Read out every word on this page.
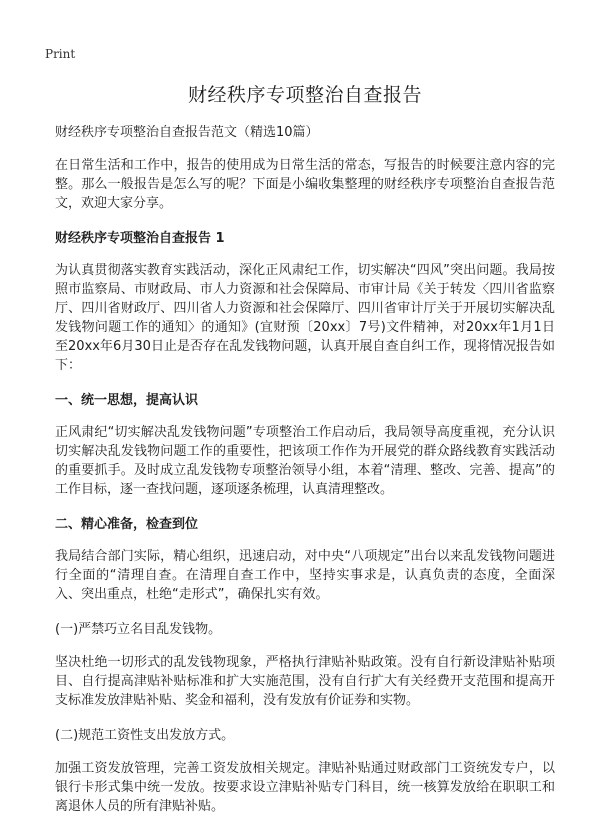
Print
财经秩序专项整治自查报告

财经秩序专项整治自查报告范文（精选10篇）

在日常生活和工作中，报告的使用成为日常生活的常态，写报告的时候要注意内容的完整。那么一般报告是怎么写的呢？下面是小编收集整理的财经秩序专项整治自查报告范文，欢迎大家分享。

财经秩序专项整治自查报告 1

为认真贯彻落实教育实践活动，深化正风肃纪工作，切实解决“四风”突出问题。我局按照市监察局、市财政局、市人力资源和社会保障局、市审计局《关于转发〈四川省监察厅、四川省财政厅、四川省人力资源和社会保障厅、四川省审计厅关于开展切实解决乱发钱物问题工作的通知〉的通知》(宜财预〔20xx〕7号)文件精神，对20xx年1月1日至20xx年6月30日止是否存在乱发钱物问题，认真开展自查自纠工作，现将情况报告如下：

一、统一思想，提高认识

正风肃纪“切实解决乱发钱物问题”专项整治工作启动后，我局领导高度重视，充分认识切实解决乱发钱物问题工作的重要性，把该项工作作为开展党的群众路线教育实践活动的重要抓手。及时成立乱发钱物专项整治领导小组，本着“清理、整改、完善、提高”的工作目标，逐一查找问题，逐项逐条梳理，认真清理整改。

二、精心准备，检查到位

我局结合部门实际，精心组织，迅速启动，对中央“八项规定”出台以来乱发钱物问题进行全面的“清理自查。在清理自查工作中，坚持实事求是，认真负责的态度，全面深入、突出重点，杜绝“走形式”，确保扎实有效。

(一)严禁巧立名目乱发钱物。

坚决杜绝一切形式的乱发钱物现象，严格执行津贴补贴政策。没有自行新设津贴补贴项目、自行提高津贴补贴标准和扩大实施范围，没有自行扩大有关经费开支范围和提高开支标准发放津贴补贴、奖金和福利，没有发放有价证券和实物。

(二)规范工资性支出发放方式。

加强工资发放管理，完善工资发放相关规定。津贴补贴通过财政部门工资统发专户，以银行卡形式集中统一发放。按要求设立津贴补贴专门科目，统一核算发放给在职职工和离退休人员的所有津贴补贴。
